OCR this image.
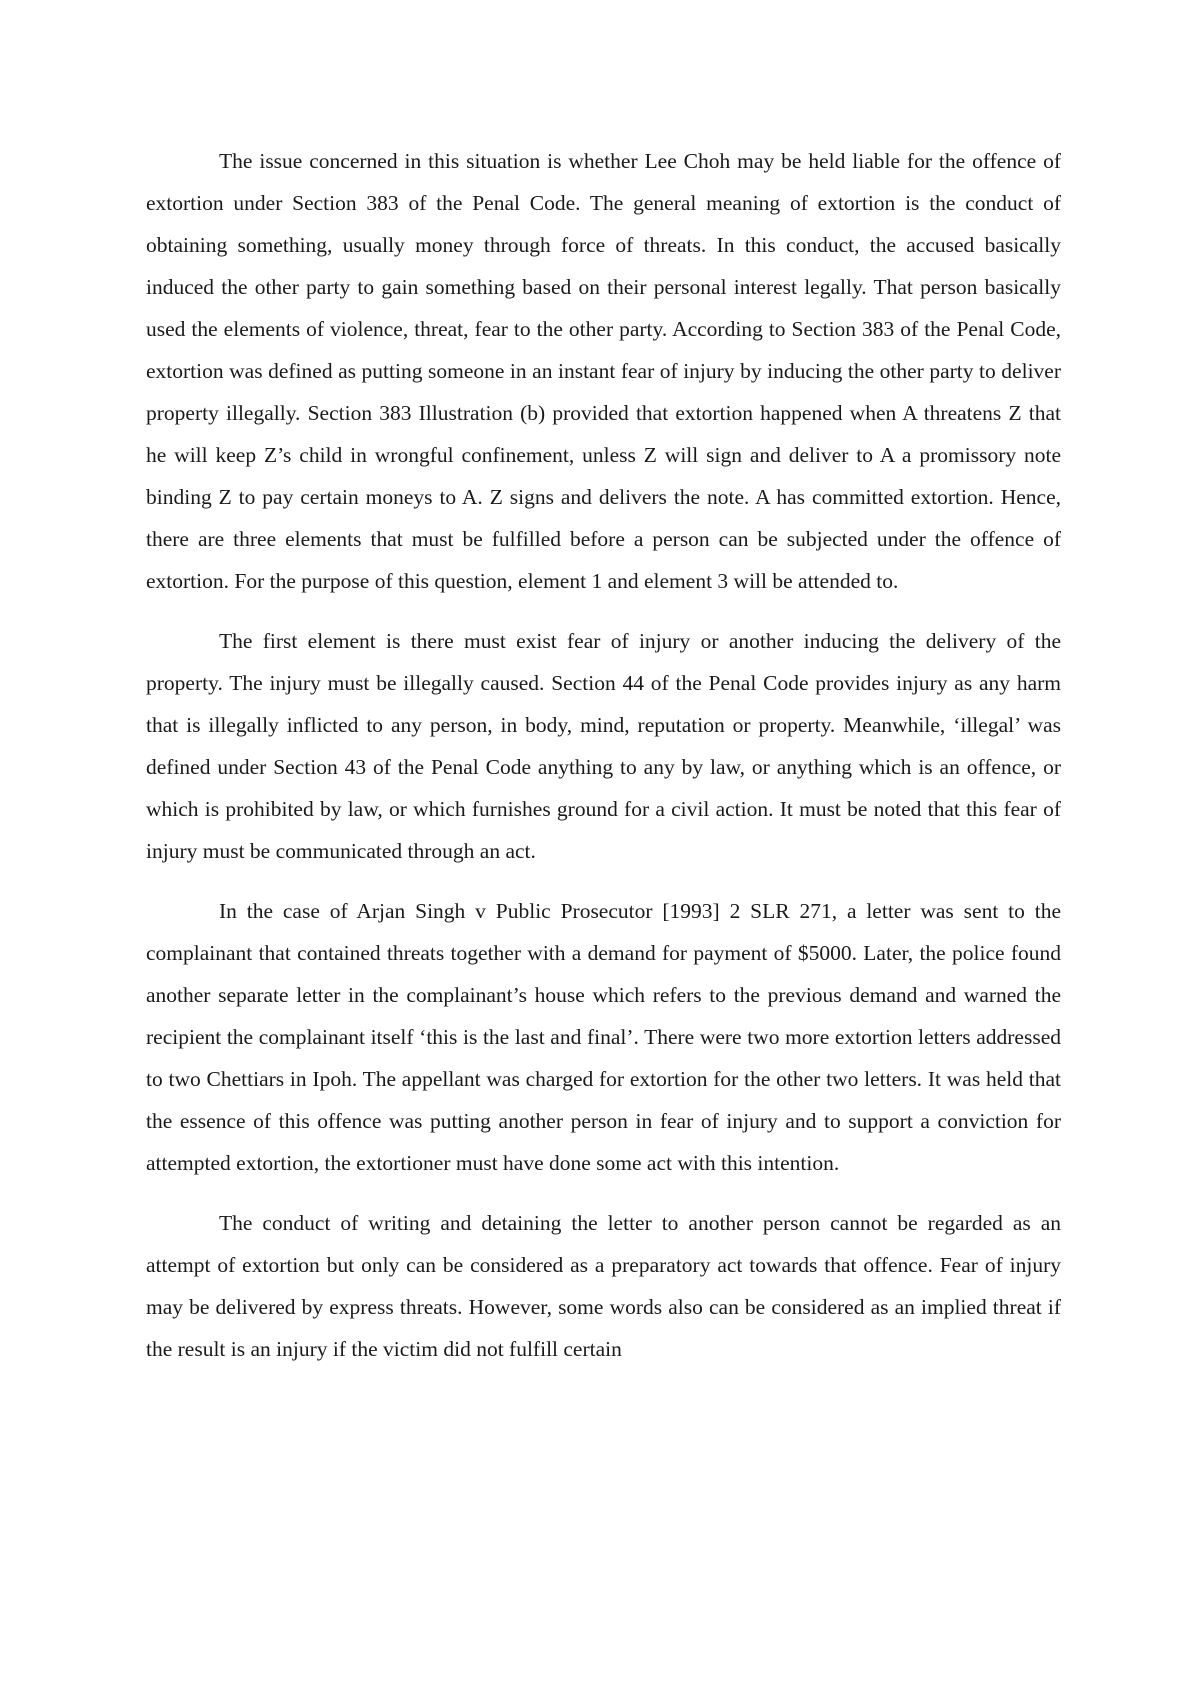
The issue concerned in this situation is whether Lee Choh may be held liable for the offence of extortion under Section 383 of the Penal Code. The general meaning of extortion is the conduct of obtaining something, usually money through force of threats. In this conduct, the accused basically induced the other party to gain something based on their personal interest legally. That person basically used the elements of violence, threat, fear to the other party. According to Section 383 of the Penal Code, extortion was defined as putting someone in an instant fear of injury by inducing the other party to deliver property illegally. Section 383 Illustration (b) provided that extortion happened when A threatens Z that he will keep Z’s child in wrongful confinement, unless Z will sign and deliver to A a promissory note binding Z to pay certain moneys to A. Z signs and delivers the note. A has committed extortion. Hence, there are three elements that must be fulfilled before a person can be subjected under the offence of extortion. For the purpose of this question, element 1 and element 3 will be attended to.

The first element is there must exist fear of injury or another inducing the delivery of the property. The injury must be illegally caused. Section 44 of the Penal Code provides injury as any harm that is illegally inflicted to any person, in body, mind, reputation or property. Meanwhile, ‘illegal’ was defined under Section 43 of the Penal Code anything to any by law, or anything which is an offence, or which is prohibited by law, or which furnishes ground for a civil action. It must be noted that this fear of injury must be communicated through an act.

In the case of Arjan Singh v Public Prosecutor [1993] 2 SLR 271, a letter was sent to the complainant that contained threats together with a demand for payment of $5000. Later, the police found another separate letter in the complainant’s house which refers to the previous demand and warned the recipient the complainant itself ‘this is the last and final’. There were two more extortion letters addressed to two Chettiars in Ipoh. The appellant was charged for extortion for the other two letters. It was held that the essence of this offence was putting another person in fear of injury and to support a conviction for attempted extortion, the extortioner must have done some act with this intention.

The conduct of writing and detaining the letter to another person cannot be regarded as an attempt of extortion but only can be considered as a preparatory act towards that offence. Fear of injury may be delivered by express threats. However, some words also can be considered as an implied threat if the result is an injury if the victim did not fulfill certain
